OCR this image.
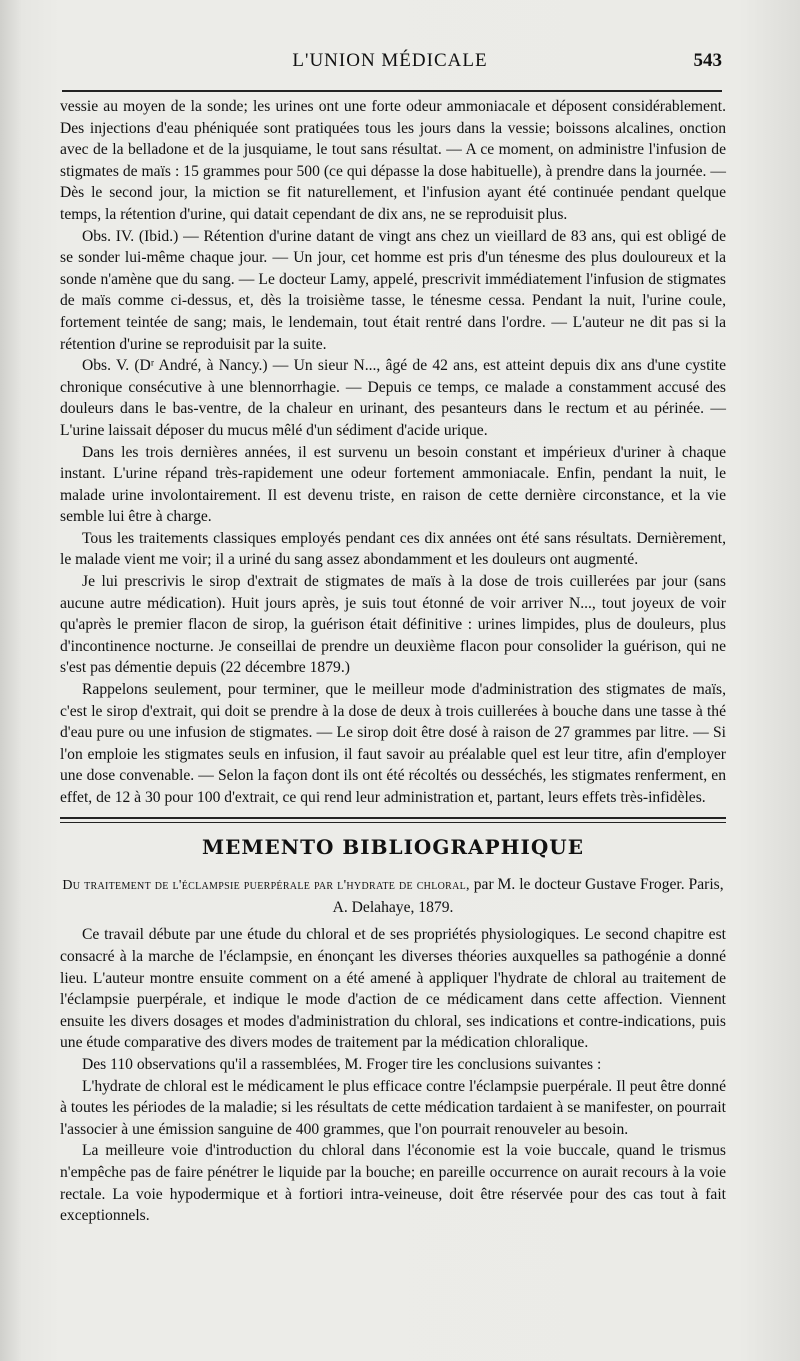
L'UNION MÉDICALE	543

vessie au moyen de la sonde; les urines ont une forte odeur ammoniacale et déposent considérablement. Des injections d'eau phéniquée sont pratiquées tous les jours dans la vessie; boissons alcalines, onction avec de la belladone et de la jusquiame, le tout sans résultat. — A ce moment, on administre l'infusion de stigmates de maïs : 15 grammes pour 500 (ce qui dépasse la dose habituelle), à prendre dans la journée. — Dès le second jour, la miction se fit naturellement, et l'infusion ayant été continuée pendant quelque temps, la rétention d'urine, qui datait cependant de dix ans, ne se reproduisit plus.

Obs. IV. (Ibid.) — Rétention d'urine datant de vingt ans chez un vieillard de 83 ans, qui est obligé de se sonder lui-même chaque jour. — Un jour, cet homme est pris d'un ténesme des plus douloureux et la sonde n'amène que du sang. — Le docteur Lamy, appelé, prescrivit immédiatement l'infusion de stigmates de maïs comme ci-dessus, et, dès la troisième tasse, le ténesme cessa. Pendant la nuit, l'urine coule, fortement teintée de sang; mais, le lendemain, tout était rentré dans l'ordre. — L'auteur ne dit pas si la rétention d'urine se reproduisit par la suite.

Obs. V. (Dʳ André, à Nancy.) — Un sieur N..., âgé de 42 ans, est atteint depuis dix ans d'une cystite chronique consécutive à une blennorrhagie. — Depuis ce temps, ce malade a constamment accusé des douleurs dans le bas-ventre, de la chaleur en urinant, des pesanteurs dans le rectum et au périnée. — L'urine laissait déposer du mucus mêlé d'un sédiment d'acide urique.

Dans les trois dernières années, il est survenu un besoin constant et impérieux d'uriner à chaque instant. L'urine répand très-rapidement une odeur fortement ammoniacale. Enfin, pendant la nuit, le malade urine involontairement. Il est devenu triste, en raison de cette dernière circonstance, et la vie semble lui être à charge.

Tous les traitements classiques employés pendant ces dix années ont été sans résultats. Dernièrement, le malade vient me voir; il a uriné du sang assez abondamment et les douleurs ont augmenté.

Je lui prescrivis le sirop d'extrait de stigmates de maïs à la dose de trois cuillerées par jour (sans aucune autre médication). Huit jours après, je suis tout étonné de voir arriver N..., tout joyeux de voir qu'après le premier flacon de sirop, la guérison était définitive : urines limpides, plus de douleurs, plus d'incontinence nocturne. Je conseillai de prendre un deuxième flacon pour consolider la guérison, qui ne s'est pas démentie depuis (22 décembre 1879.)

Rappelons seulement, pour terminer, que le meilleur mode d'administration des stigmates de maïs, c'est le sirop d'extrait, qui doit se prendre à la dose de deux à trois cuillerées à bouche dans une tasse à thé d'eau pure ou une infusion de stigmates. — Le sirop doit être dosé à raison de 27 grammes par litre. — Si l'on emploie les stigmates seuls en infusion, il faut savoir au préalable quel est leur titre, afin d'employer une dose convenable. — Selon la façon dont ils ont été récoltés ou desséchés, les stigmates renferment, en effet, de 12 à 30 pour 100 d'extrait, ce qui rend leur administration et, partant, leurs effets très-infidèles.

MEMENTO BIBLIOGRAPHIQUE
Du traitement de l'éclampsie puerpérale par l'hydrate de chloral, par M. le docteur Gustave Froger. Paris, A. Delahaye, 1879.

Ce travail débute par une étude du chloral et de ses propriétés physiologiques. Le second chapitre est consacré à la marche de l'éclampsie, en énonçant les diverses théories auxquelles sa pathogénie a donné lieu. L'auteur montre ensuite comment on a été amené à appliquer l'hydrate de chloral au traitement de l'éclampsie puerpérale, et indique le mode d'action de ce médicament dans cette affection. Viennent ensuite les divers dosages et modes d'administration du chloral, ses indications et contre-indications, puis une étude comparative des divers modes de traitement par la médication chloralique.

Des 110 observations qu'il a rassemblées, M. Froger tire les conclusions suivantes :

L'hydrate de chloral est le médicament le plus efficace contre l'éclampsie puerpérale. Il peut être donné à toutes les périodes de la maladie; si les résultats de cette médication tardaient à se manifester, on pourrait l'associer à une émission sanguine de 400 grammes, que l'on pourrait renouveler au besoin.

La meilleure voie d'introduction du chloral dans l'économie est la voie buccale, quand le trismus n'empêche pas de faire pénétrer le liquide par la bouche; en pareille occurrence on aurait recours à la voie rectale. La voie hypodermique et à fortiori intra-veineuse, doit être réservée pour des cas tout à fait exceptionnels.
